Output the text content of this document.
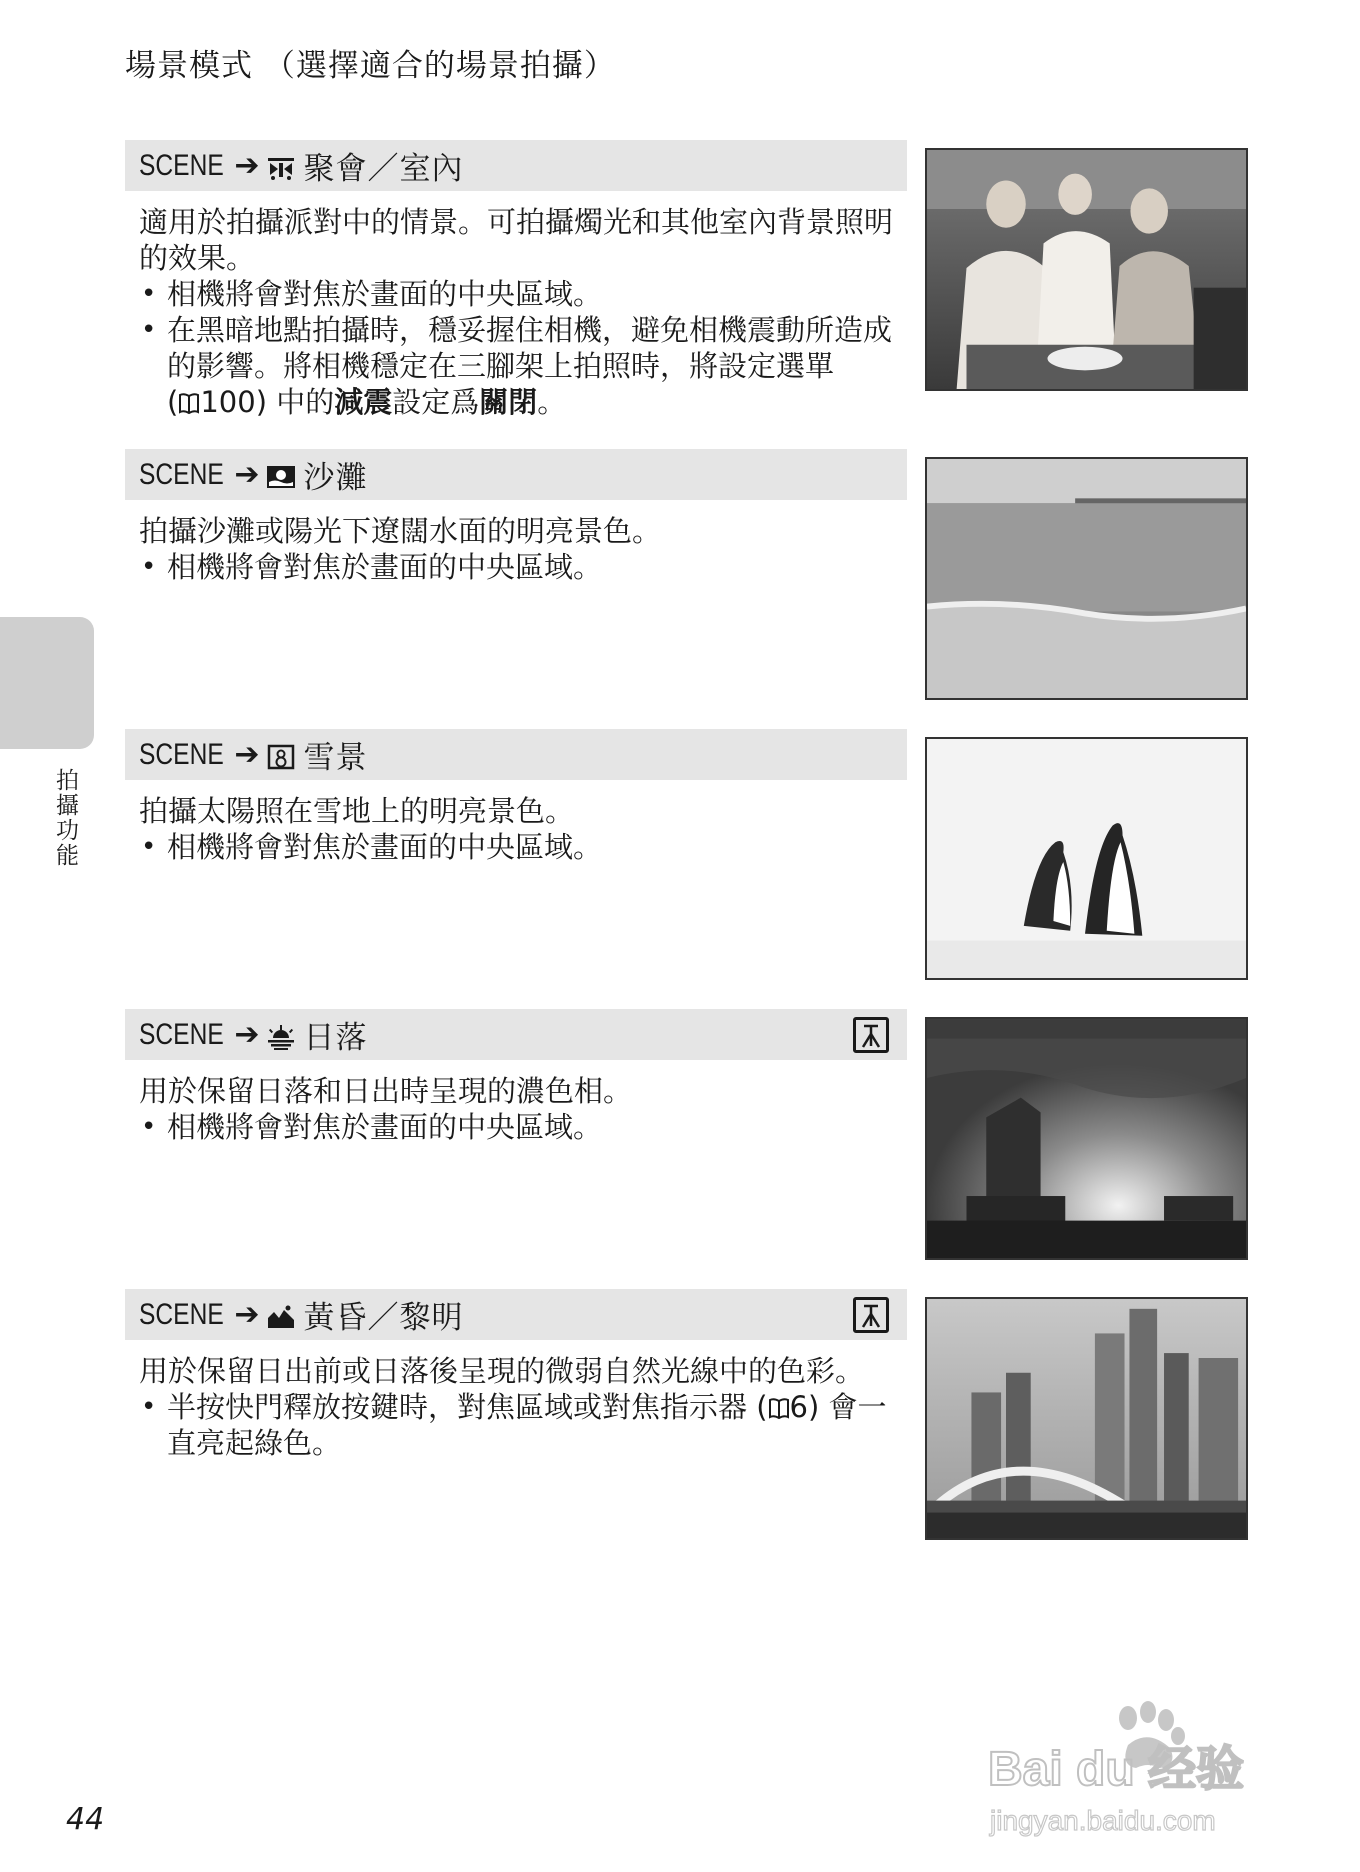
場景模式 （選擇適合的場景拍攝）
拍攝功能
SCENE ➔ 聚會／室內

適用於拍攝派對中的情景。可拍攝燭光和其他室內背景照明的效果。

• 相機將會對焦於畫面的中央區域。
• 在黑暗地點拍攝時，穩妥握住相機，避免相機震動所造成的影響。將相機穩定在三腳架上拍照時，將設定選單
( 100) 中的減震設定爲關閉。
SCENE ➔ 沙灘

拍攝沙灘或陽光下遼闊水面的明亮景色。

• 相機將會對焦於畫面的中央區域。
SCENE ➔ 雪景

拍攝太陽照在雪地上的明亮景色。

• 相機將會對焦於畫面的中央區域。
SCENE ➔ 日落

用於保留日落和日出時呈現的濃色相。

• 相機將會對焦於畫面的中央區域。
SCENE ➔ 黃昏／黎明

用於保留日出前或日落後呈現的微弱自然光線中的色彩。

• 半按快門釋放按鍵時，對焦區域或對焦指示器 ( 6) 會一直亮起綠色。
44
Bai du 经验
jingyan.baidu.com
